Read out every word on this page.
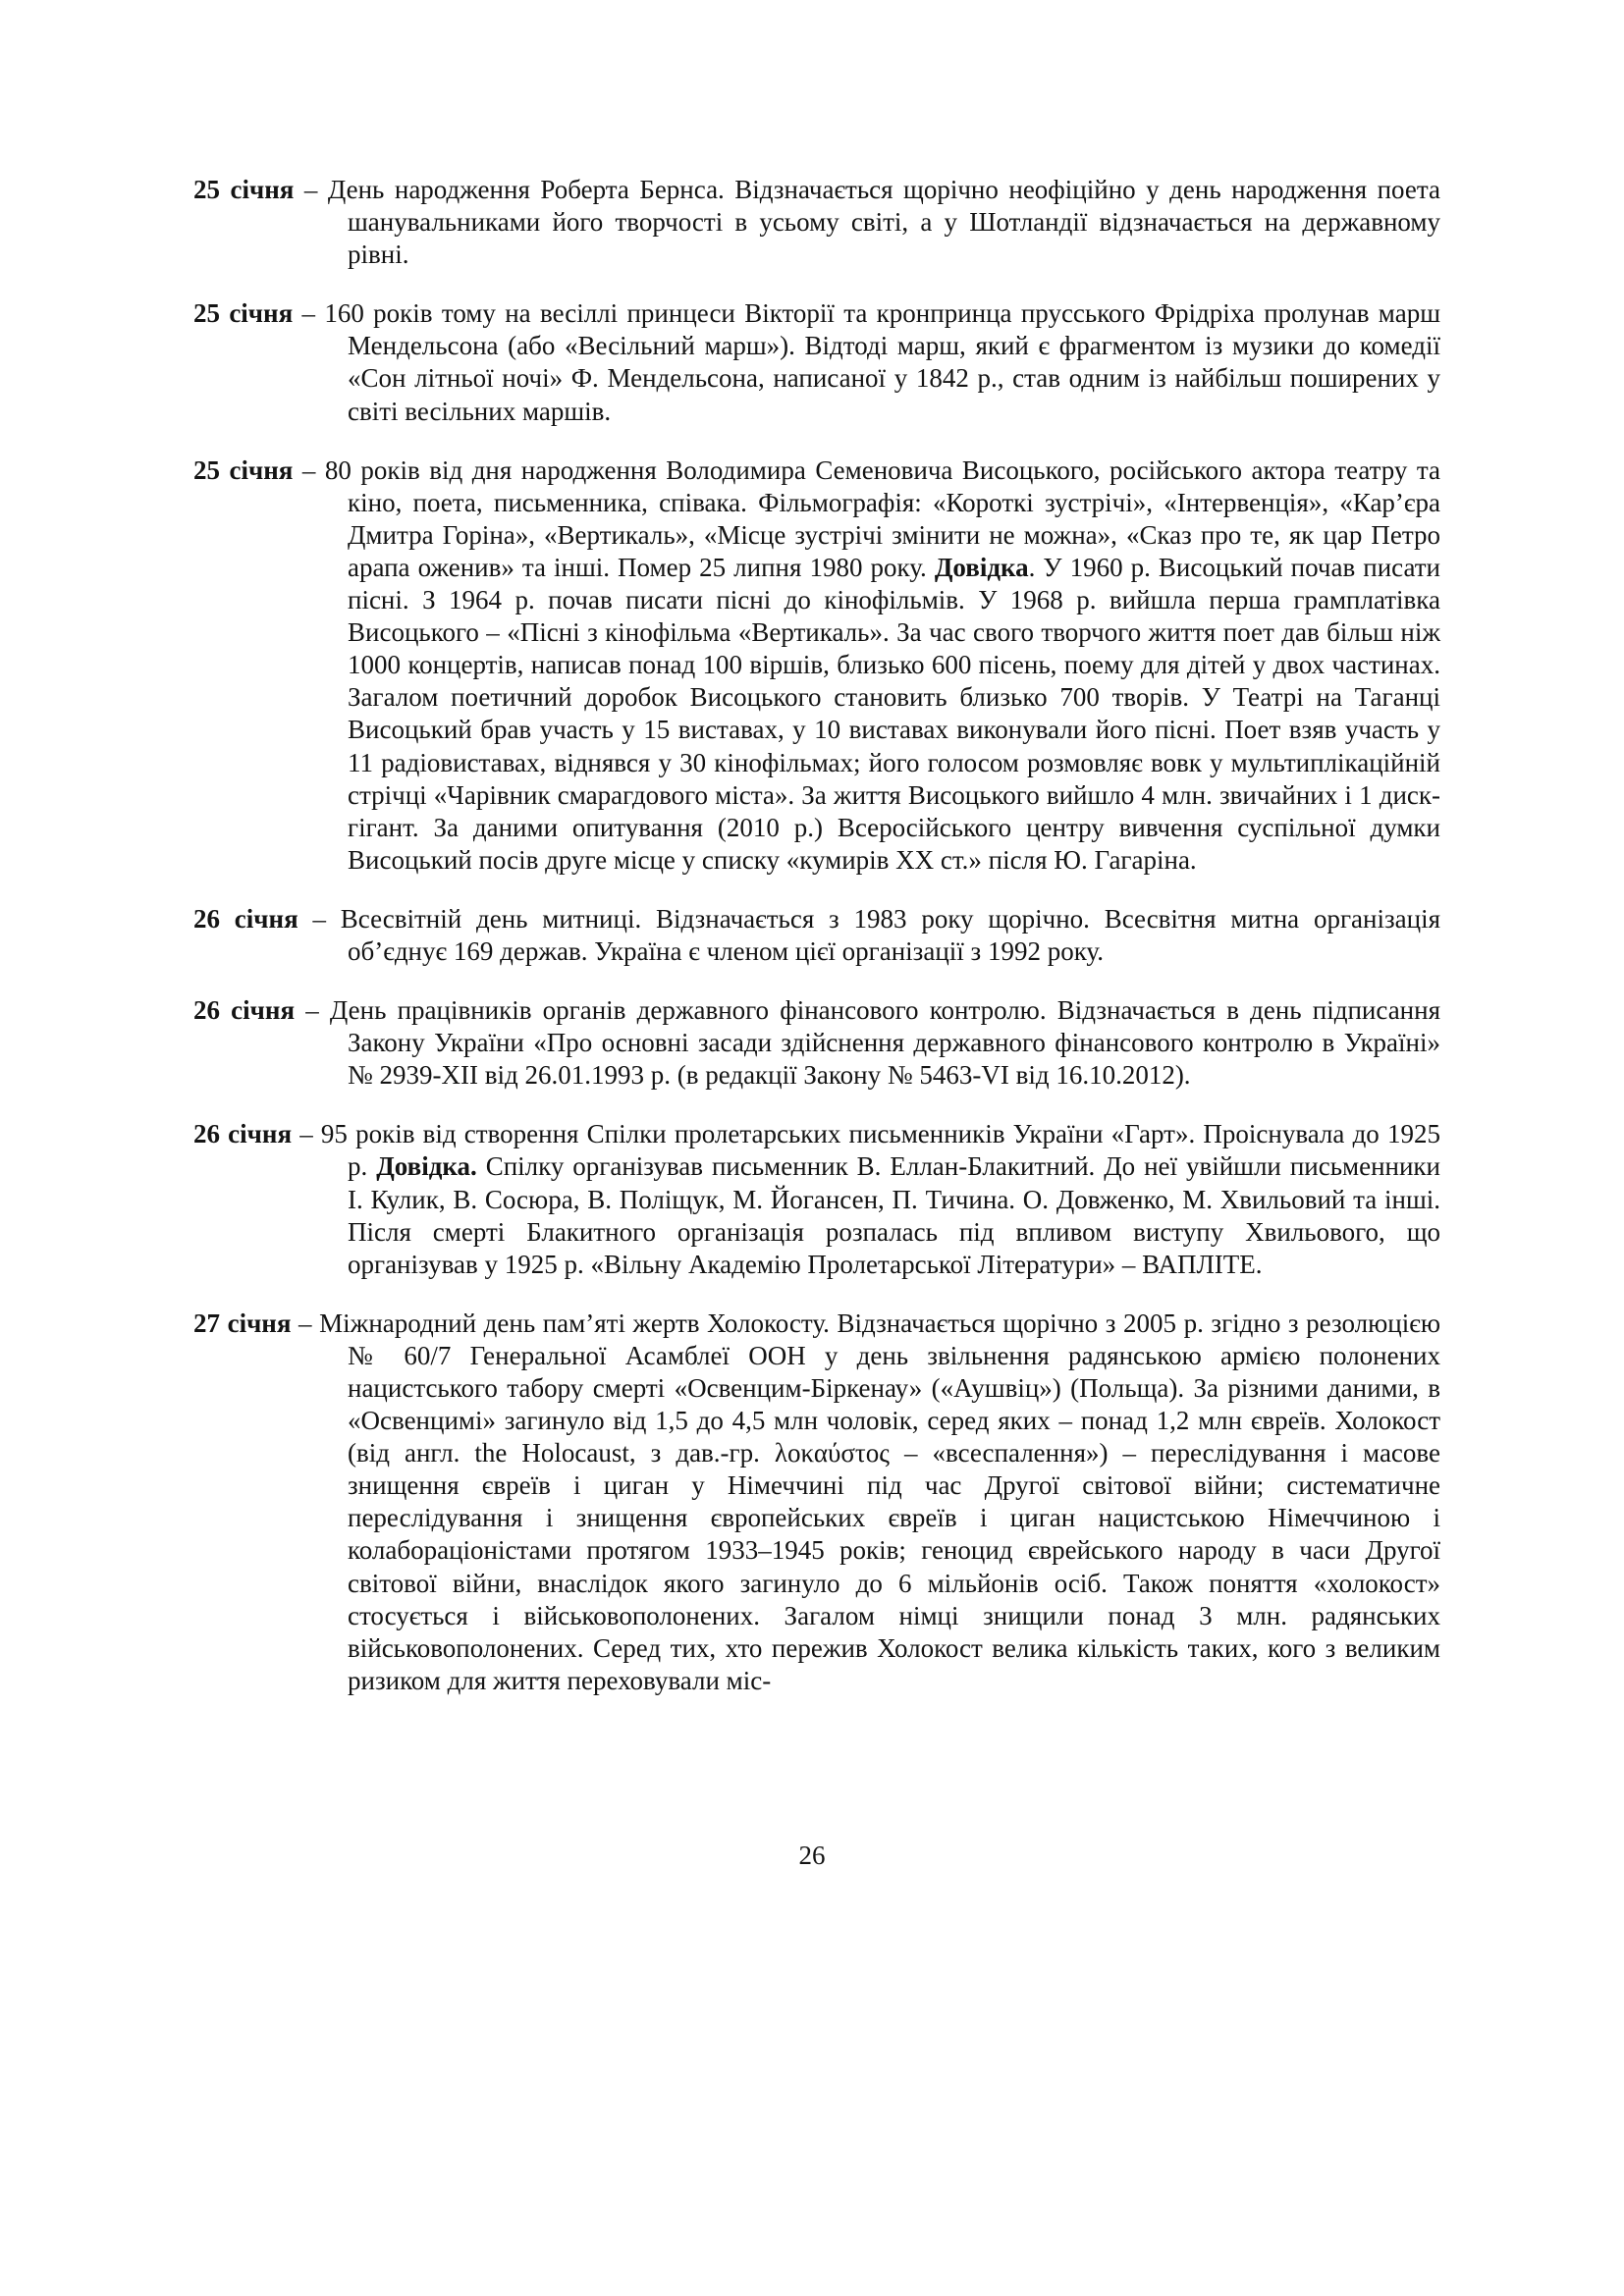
25 січня – День народження Роберта Бернса. Відзначається щорічно неофіційно у день народження поета шанувальниками його творчості в усьому світі, а у Шотландії відзначається на державному рівні.

25 січня – 160 років тому на весіллі принцеси Вікторії та кронпринца прусського Фрідріха пролунав марш Мендельсона (або «Весільний марш»). Відтоді марш, який є фрагментом із музики до комедії «Сон літньої ночі» Ф. Мендельсона, написаної у 1842 р., став одним із найбільш поширених у світі весільних маршів.

25 січня – 80 років від дня народження Володимира Семеновича Висоцького, російського актора театру та кіно, поета, письменника, співака. Фільмографія: «Короткі зустрічі», «Інтервенція», «Кар’єра Дмитра Горіна», «Вертикаль», «Місце зустрічі змінити не можна», «Сказ про те, як цар Петро арапа оженив» та інші. Помер 25 липня 1980 року. Довідка. У 1960 р. Висоцький почав писати пісні. З 1964 р. почав писати пісні до кінофільмів. У 1968 р. вийшла перша грамплатівка Висоцького – «Пісні з кінофільма «Вертикаль». За час свого творчого життя поет дав більш ніж 1000 концертів, написав понад 100 віршів, близько 600 пісень, поему для дітей у двох частинах. Загалом поетичний доробок Висоцького становить близько 700 творів. У Театрі на Таганці Висоцький брав участь у 15 виставах, у 10 виставах виконували його пісні. Поет взяв участь у 11 радіовиставах, віднявся у 30 кінофільмах; його голосом розмовляє вовк у мультиплікаційній стрічці «Чарівник смарагдового міста». За життя Висоцького вийшло 4 млн. звичайних і 1 диск-гігант. За даними опитування (2010 р.) Всеросійського центру вивчення суспільної думки Висоцький посів друге місце у списку «кумирів XX ст.» після Ю. Гагаріна.

26 січня – Всесвітній день митниці. Відзначається з 1983 року щорічно. Всесвітня митна організація об’єднує 169 держав. Україна є членом цієї організації з 1992 року.

26 січня – День працівників органів державного фінансового контролю. Відзначається в день підписання Закону України «Про основні засади здійснення державного фінансового контролю в Україні» № 2939-XII від 26.01.1993 р. (в редакції Закону № 5463-VI від 16.10.2012).

26 січня – 95 років від створення Спілки пролетарських письменників України «Гарт». Проіснувала до 1925 р. Довідка. Спілку організував письменник В. Еллан-Блакитний. До неї увійшли письменники І. Кулик, В. Сосюра, В. Поліщук, М. Йогансен, П. Тичина. О. Довженко, М. Хвильовий та інші. Після смерті Блакитного організація розпалась під впливом виступу Хвильового, що організував у 1925 р. «Вільну Академію Пролетарської Літератури» – ВАПЛІТЕ.

27 січня – Міжнародний день пам’яті жертв Холокосту. Відзначається щорічно з 2005 р. згідно з резолюцією № 60/7 Генеральної Асамблеї ООН у день звільнення радянською армією полонених нацистського табору смерті «Освенцим-Біркенау» («Аушвіц») (Польща). За різними даними, в «Освенцимі» загинуло від 1,5 до 4,5 млн чоловік, серед яких – понад 1,2 млн євреїв. Холокост (від англ. the Holocaust, з дав.-гр. λοκαύστος – «всеспалення») – переслідування і масове знищення євреїв і циган у Німеччині під час Другої світової війни; систематичне переслідування і знищення європейських євреїв і циган нацистською Німеччиною і колабораціоністами протягом 1933–1945 років; геноцид єврейського народу в часи Другої світової війни, внаслідок якого загинуло до 6 мільйонів осіб. Також поняття «холокост» стосується і військовополонених. Загалом німці знищили понад 3 млн. радянських військовополонених. Серед тих, хто пережив Холокост велика кількість таких, кого з великим ризиком для життя переховували міс-

26
